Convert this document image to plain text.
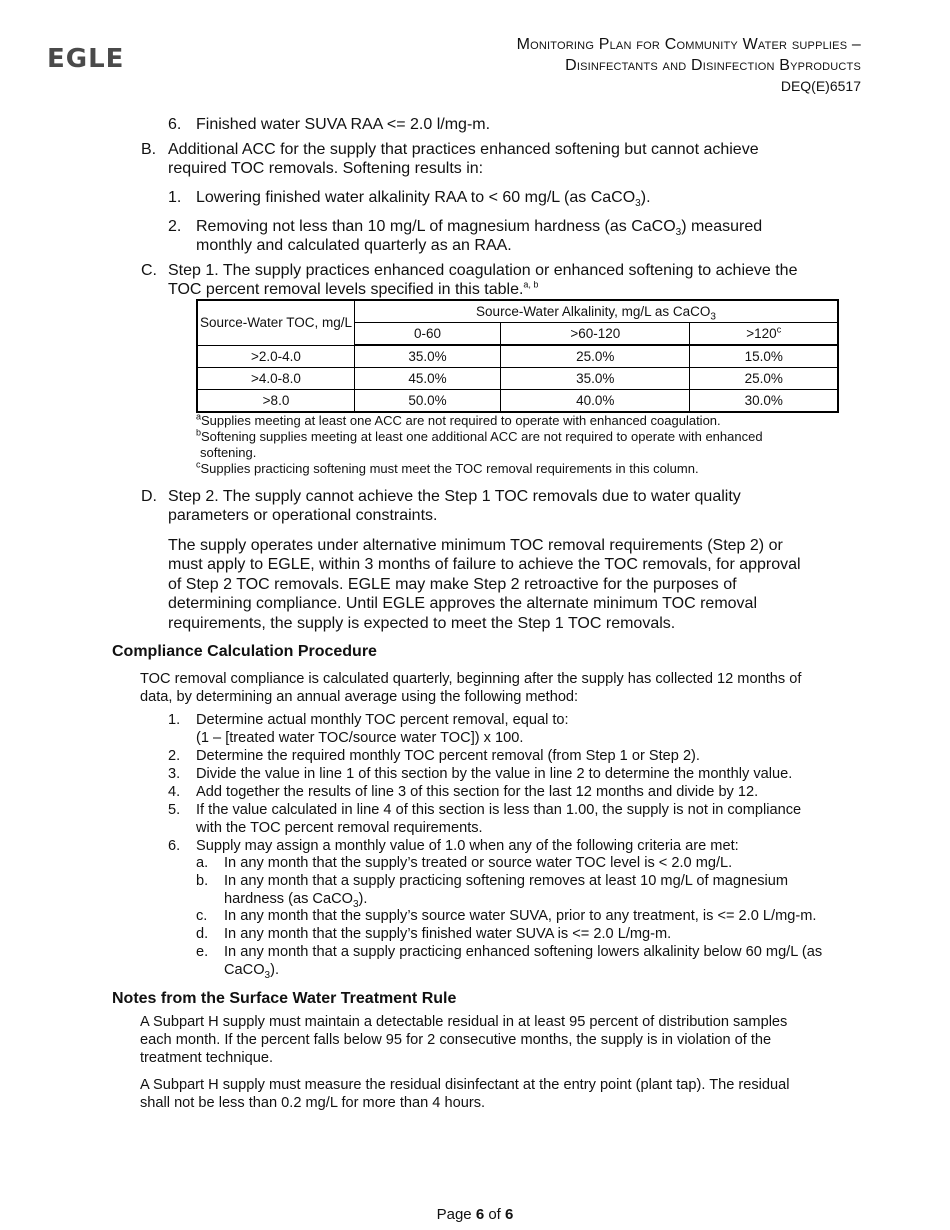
EGLE	Monitoring Plan for Community Water supplies –
Disinfectants and Disinfection Byproducts
DEQ(E)6517
6. Finished water SUVA RAA <= 2.0 l/mg-m.
B. Additional ACC for the supply that practices enhanced softening but cannot achieve
required TOC removals. Softening results in:
1. Lowering finished water alkalinity RAA to < 60 mg/L (as CaCO$_3$).
2. Removing not less than 10 mg/L of magnesium hardness (as CaCO$_3$) measured
monthly and calculated quarterly as an RAA.
C. Step 1. The supply practices enhanced coagulation or enhanced softening to achieve the
TOC percent removal levels specified in this table.$^{a, b}$
Source-Water TOC, mg/L	Source-Water Alkalinity, mg/L as CaCO$_3$
	0-60	>60-120	$>120^c$
>2.0-4.0	35.0%	25.0%	15.0%
>4.0-8.0	45.0%	35.0%	25.0%
>8.0	50.0%	40.0%	30.0%
$^a$Supplies meeting at least one ACC are not required to operate with enhanced coagulation.
$^b$Softening supplies meeting at least one additional ACC are not required to operate with enhanced
softening.
$^c$Supplies practicing softening must meet the TOC removal requirements in this column.
D. Step 2. The supply cannot achieve the Step 1 TOC removals due to water quality
parameters or operational constraints.
The supply operates under alternative minimum TOC removal requirements (Step 2) or
must apply to EGLE, within 3 months of failure to achieve the TOC removals, for approval
of Step 2 TOC removals. EGLE may make Step 2 retroactive for the purposes of
determining compliance. Until EGLE approves the alternate minimum TOC removal
requirements, the supply is expected to meet the Step 1 TOC removals.
Compliance Calculation Procedure
TOC removal compliance is calculated quarterly, beginning after the supply has collected 12 months of
data, by determining an annual average using the following method:
1. Determine actual monthly TOC percent removal, equal to:
(1 – [treated water TOC/source water TOC]) x 100.
2. Determine the required monthly TOC percent removal (from Step 1 or Step 2).
3. Divide the value in line 1 of this section by the value in line 2 to determine the monthly value.
4. Add together the results of line 3 of this section for the last 12 months and divide by 12.
5. If the value calculated in line 4 of this section is less than 1.00, the supply is not in compliance
with the TOC percent removal requirements.
6. Supply may assign a monthly value of 1.0 when any of the following criteria are met:
a. In any month that the supply’s treated or source water TOC level is < 2.0 mg/L.
b. In any month that a supply practicing softening removes at least 10 mg/L of magnesium
hardness (as CaCO$_3$).
c. In any month that the supply’s source water SUVA, prior to any treatment, is <= 2.0 L/mg-m.
d. In any month that the supply’s finished water SUVA is <= 2.0 L/mg-m.
e. In any month that a supply practicing enhanced softening lowers alkalinity below 60 mg/L (as
CaCO$_3$).
Notes from the Surface Water Treatment Rule
A Subpart H supply must maintain a detectable residual in at least 95 percent of distribution samples
each month. If the percent falls below 95 for 2 consecutive months, the supply is in violation of the
treatment technique.
A Subpart H supply must measure the residual disinfectant at the entry point (plant tap). The residual
shall not be less than 0.2 mg/L for more than 4 hours.
Page 6 of 6
